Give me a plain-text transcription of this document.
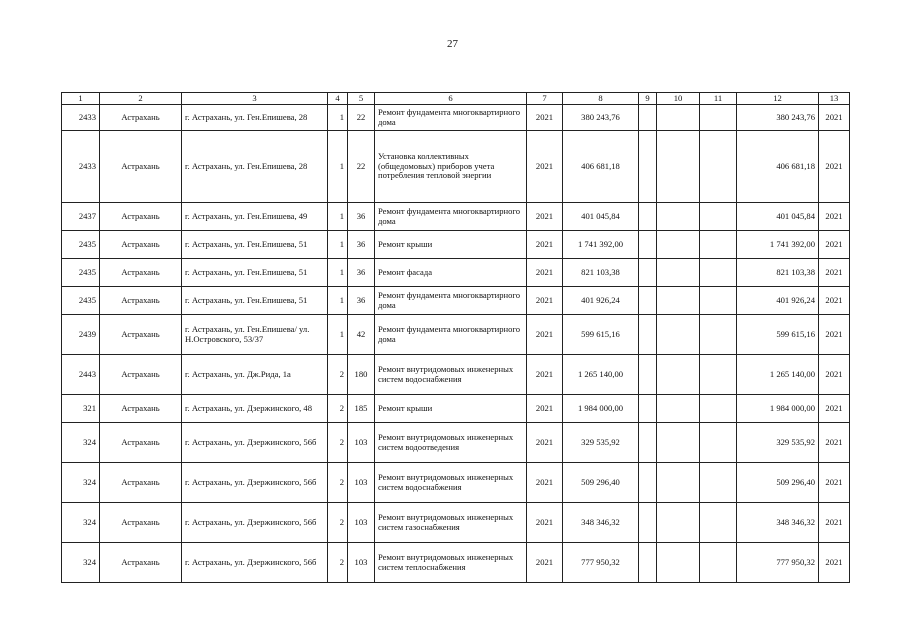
27
1	2	3	4	5	6	7	8	9	10	11	12	13
2433	Астрахань	г. Астрахань, ул. Ген.Епишева, 28	1	22	Ремонт фундамента многоквартирного дома	2021	380 243,76				380 243,76	2021
2433	Астрахань	г. Астрахань, ул. Ген.Епишева, 28	1	22	Установка коллективных (общедомовых) приборов учета потребления тепловой энергии	2021	406 681,18				406 681,18	2021
2437	Астрахань	г. Астрахань, ул. Ген.Епишева, 49	1	36	Ремонт фундамента многоквартирного дома	2021	401 045,84				401 045,84	2021
2435	Астрахань	г. Астрахань, ул. Ген.Епишева, 51	1	36	Ремонт крыши	2021	1 741 392,00				1 741 392,00	2021
2435	Астрахань	г. Астрахань, ул. Ген.Епишева, 51	1	36	Ремонт фасада	2021	821 103,38				821 103,38	2021
2435	Астрахань	г. Астрахань, ул. Ген.Епишева, 51	1	36	Ремонт фундамента многоквартирного дома	2021	401 926,24				401 926,24	2021
2439	Астрахань	г. Астрахань, ул. Ген.Епишева/ ул. Н.Островского, 53/37	1	42	Ремонт фундамента многоквартирного дома	2021	599 615,16				599 615,16	2021
2443	Астрахань	г. Астрахань, ул. Дж.Рида, 1а	2	180	Ремонт внутридомовых инженерных систем водоснабжения	2021	1 265 140,00				1 265 140,00	2021
321	Астрахань	г. Астрахань, ул. Дзержинского, 48	2	185	Ремонт крыши	2021	1 984 000,00				1 984 000,00	2021
324	Астрахань	г. Астрахань, ул. Дзержинского, 56б	2	103	Ремонт внутридомовых инженерных систем водоотведения	2021	329 535,92				329 535,92	2021
324	Астрахань	г. Астрахань, ул. Дзержинского, 56б	2	103	Ремонт внутридомовых инженерных систем водоснабжения	2021	509 296,40				509 296,40	2021
324	Астрахань	г. Астрахань, ул. Дзержинского, 56б	2	103	Ремонт внутридомовых инженерных систем газоснабжения	2021	348 346,32				348 346,32	2021
324	Астрахань	г. Астрахань, ул. Дзержинского, 56б	2	103	Ремонт внутридомовых инженерных систем теплоснабжения	2021	777 950,32				777 950,32	2021
